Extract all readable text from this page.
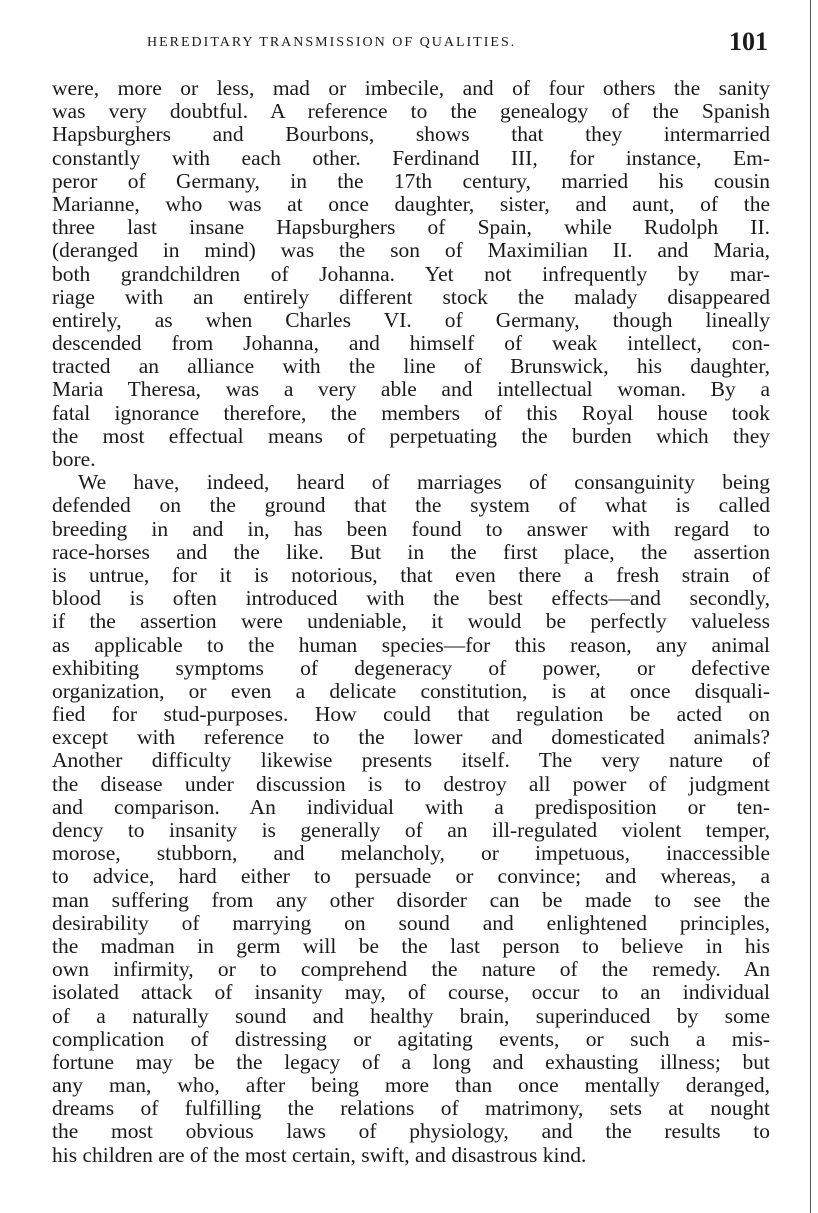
HEREDITARY TRANSMISSION OF QUALITIES.	101
were, more or less, mad or imbecile, and of four others the sanity
was very doubtful. A reference to the genealogy of the Spanish
Hapsburghers and Bourbons, shows that they intermarried
constantly with each other. Ferdinand III, for instance, Em-
peror of Germany, in the 17th century, married his cousin
Marianne, who was at once daughter, sister, and aunt, of the
three last insane Hapsburghers of Spain, while Rudolph II.
(deranged in mind) was the son of Maximilian II. and Maria,
both grandchildren of Johanna. Yet not infrequently by mar-
riage with an entirely different stock the malady disappeared
entirely, as when Charles VI. of Germany, though lineally
descended from Johanna, and himself of weak intellect, con-
tracted an alliance with the line of Brunswick, his daughter,
Maria Theresa, was a very able and intellectual woman. By a
fatal ignorance therefore, the members of this Royal house took
the most effectual means of perpetuating the burden which they
bore.
We have, indeed, heard of marriages of consanguinity being
defended on the ground that the system of what is called
breeding in and in, has been found to answer with regard to
race-horses and the like. But in the first place, the assertion
is untrue, for it is notorious, that even there a fresh strain of
blood is often introduced with the best effects—and secondly,
if the assertion were undeniable, it would be perfectly valueless
as applicable to the human species—for this reason, any animal
exhibiting symptoms of degeneracy of power, or defective
organization, or even a delicate constitution, is at once disquali-
fied for stud-purposes. How could that regulation be acted on
except with reference to the lower and domesticated animals?
Another difficulty likewise presents itself. The very nature of
the disease under discussion is to destroy all power of judgment
and comparison. An individual with a predisposition or ten-
dency to insanity is generally of an ill-regulated violent temper,
morose, stubborn, and melancholy, or impetuous, inaccessible
to advice, hard either to persuade or convince; and whereas, a
man suffering from any other disorder can be made to see the
desirability of marrying on sound and enlightened principles,
the madman in germ will be the last person to believe in his
own infirmity, or to comprehend the nature of the remedy. An
isolated attack of insanity may, of course, occur to an individual
of a naturally sound and healthy brain, superinduced by some
complication of distressing or agitating events, or such a mis-
fortune may be the legacy of a long and exhausting illness; but
any man, who, after being more than once mentally deranged,
dreams of fulfilling the relations of matrimony, sets at nought
the most obvious laws of physiology, and the results to
his children are of the most certain, swift, and disastrous kind.
